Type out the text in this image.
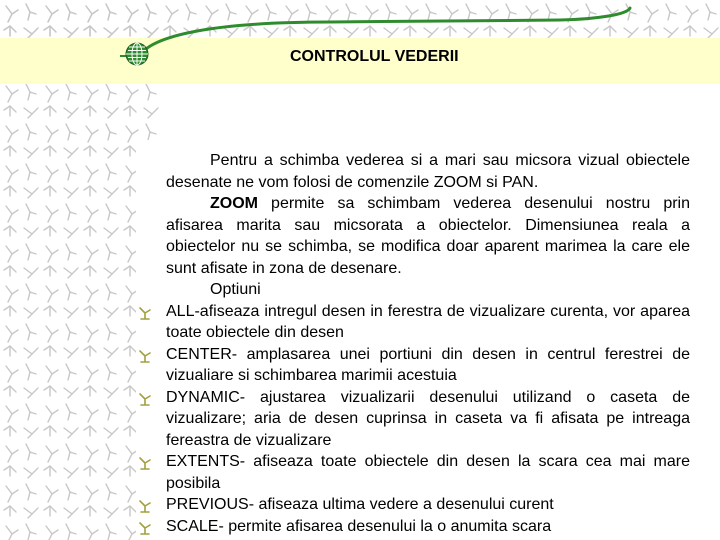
CONTROLUL VEDERII

Pentru a schimba vederea si a mari sau micsora vizual obiectele desenate ne vom folosi de comenzile ZOOM si PAN.

ZOOM permite sa schimbam vederea desenului nostru prin afisarea marita sau micsorata a obiectelor. Dimensiunea reala a obiectelor nu se schimba, se modifica doar aparent marimea la care ele sunt afisate in zona de desenare.

Optiuni

ALL-afiseaza intregul desen in ferestra de vizualizare curenta, vor aparea toate obiectele din desen
CENTER- amplasarea unei portiuni din desen in centrul ferestrei de vizualiare si schimbarea marimii acestuia
DYNAMIC- ajustarea vizualizarii desenului utilizand o caseta de vizualizare; aria de desen cuprinsa in caseta va fi afisata pe intreaga fereastra de vizualizare
EXTENTS- afiseaza toate obiectele din desen la scara cea mai mare posibila
PREVIOUS- afiseaza ultima vedere a desenului curent
SCALE- permite afisarea desenului la o anumita scara
